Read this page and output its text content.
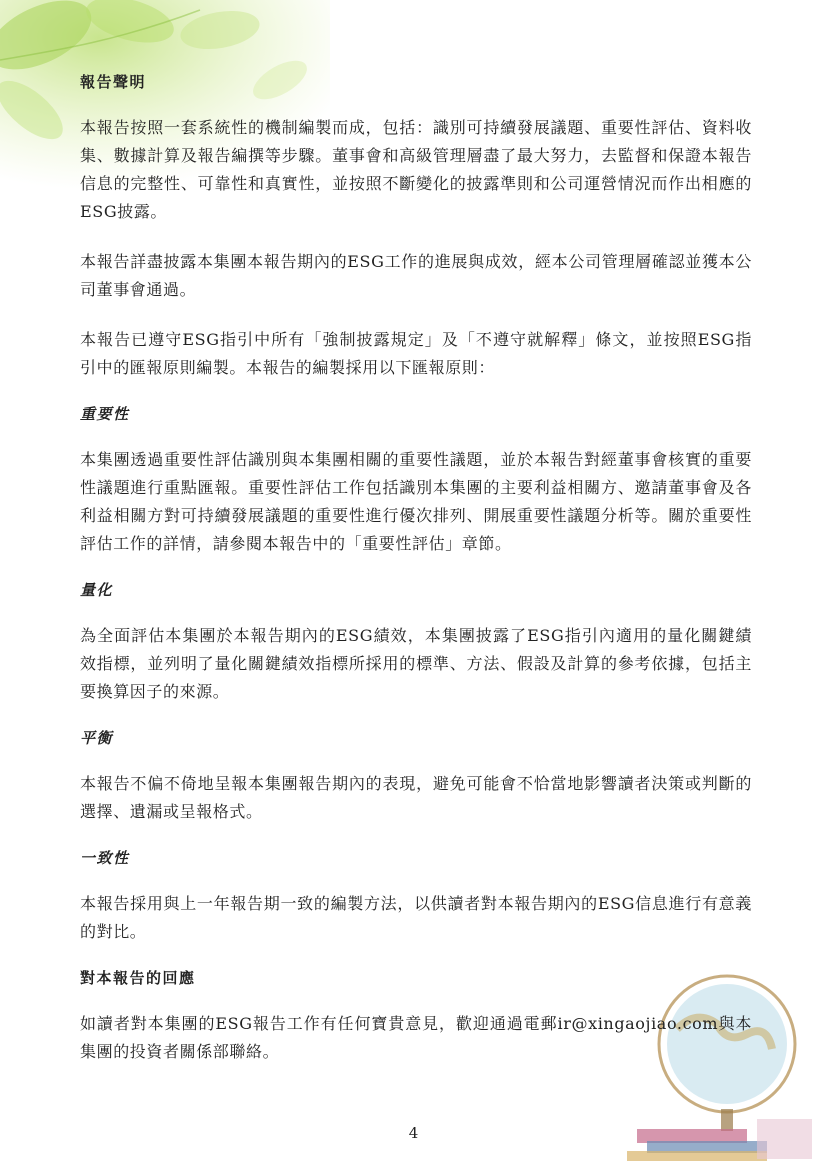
報告聲明

本報告按照一套系統性的機制編製而成，包括：識別可持續發展議題、重要性評估、資料收集、數據計算及報告編撰等步驟。董事會和高級管理層盡了最大努力，去監督和保證本報告信息的完整性、可靠性和真實性，並按照不斷變化的披露準則和公司運營情況而作出相應的ESG披露。

本報告詳盡披露本集團本報告期內的ESG工作的進展與成效，經本公司管理層確認並獲本公司董事會通過。

本報告已遵守ESG指引中所有「強制披露規定」及「不遵守就解釋」條文，並按照ESG指引中的匯報原則編製。本報告的編製採用以下匯報原則：

重要性

本集團透過重要性評估識別與本集團相關的重要性議題，並於本報告對經董事會核實的重要性議題進行重點匯報。重要性評估工作包括識別本集團的主要利益相關方、邀請董事會及各利益相關方對可持續發展議題的重要性進行優次排列、開展重要性議題分析等。關於重要性評估工作的詳情，請參閱本報告中的「重要性評估」章節。

量化

為全面評估本集團於本報告期內的ESG績效，本集團披露了ESG指引內適用的量化關鍵績效指標，並列明了量化關鍵績效指標所採用的標準、方法、假設及計算的參考依據，包括主要換算因子的來源。

平衡

本報告不偏不倚地呈報本集團報告期內的表現，避免可能會不恰當地影響讀者決策或判斷的選擇、遺漏或呈報格式。

一致性

本報告採用與上一年報告期一致的編製方法，以供讀者對本報告期內的ESG信息進行有意義的對比。

對本報告的回應

如讀者對本集團的ESG報告工作有任何寶貴意見，歡迎通過電郵ir@xingaojiao.com與本集團的投資者關係部聯絡。

4
